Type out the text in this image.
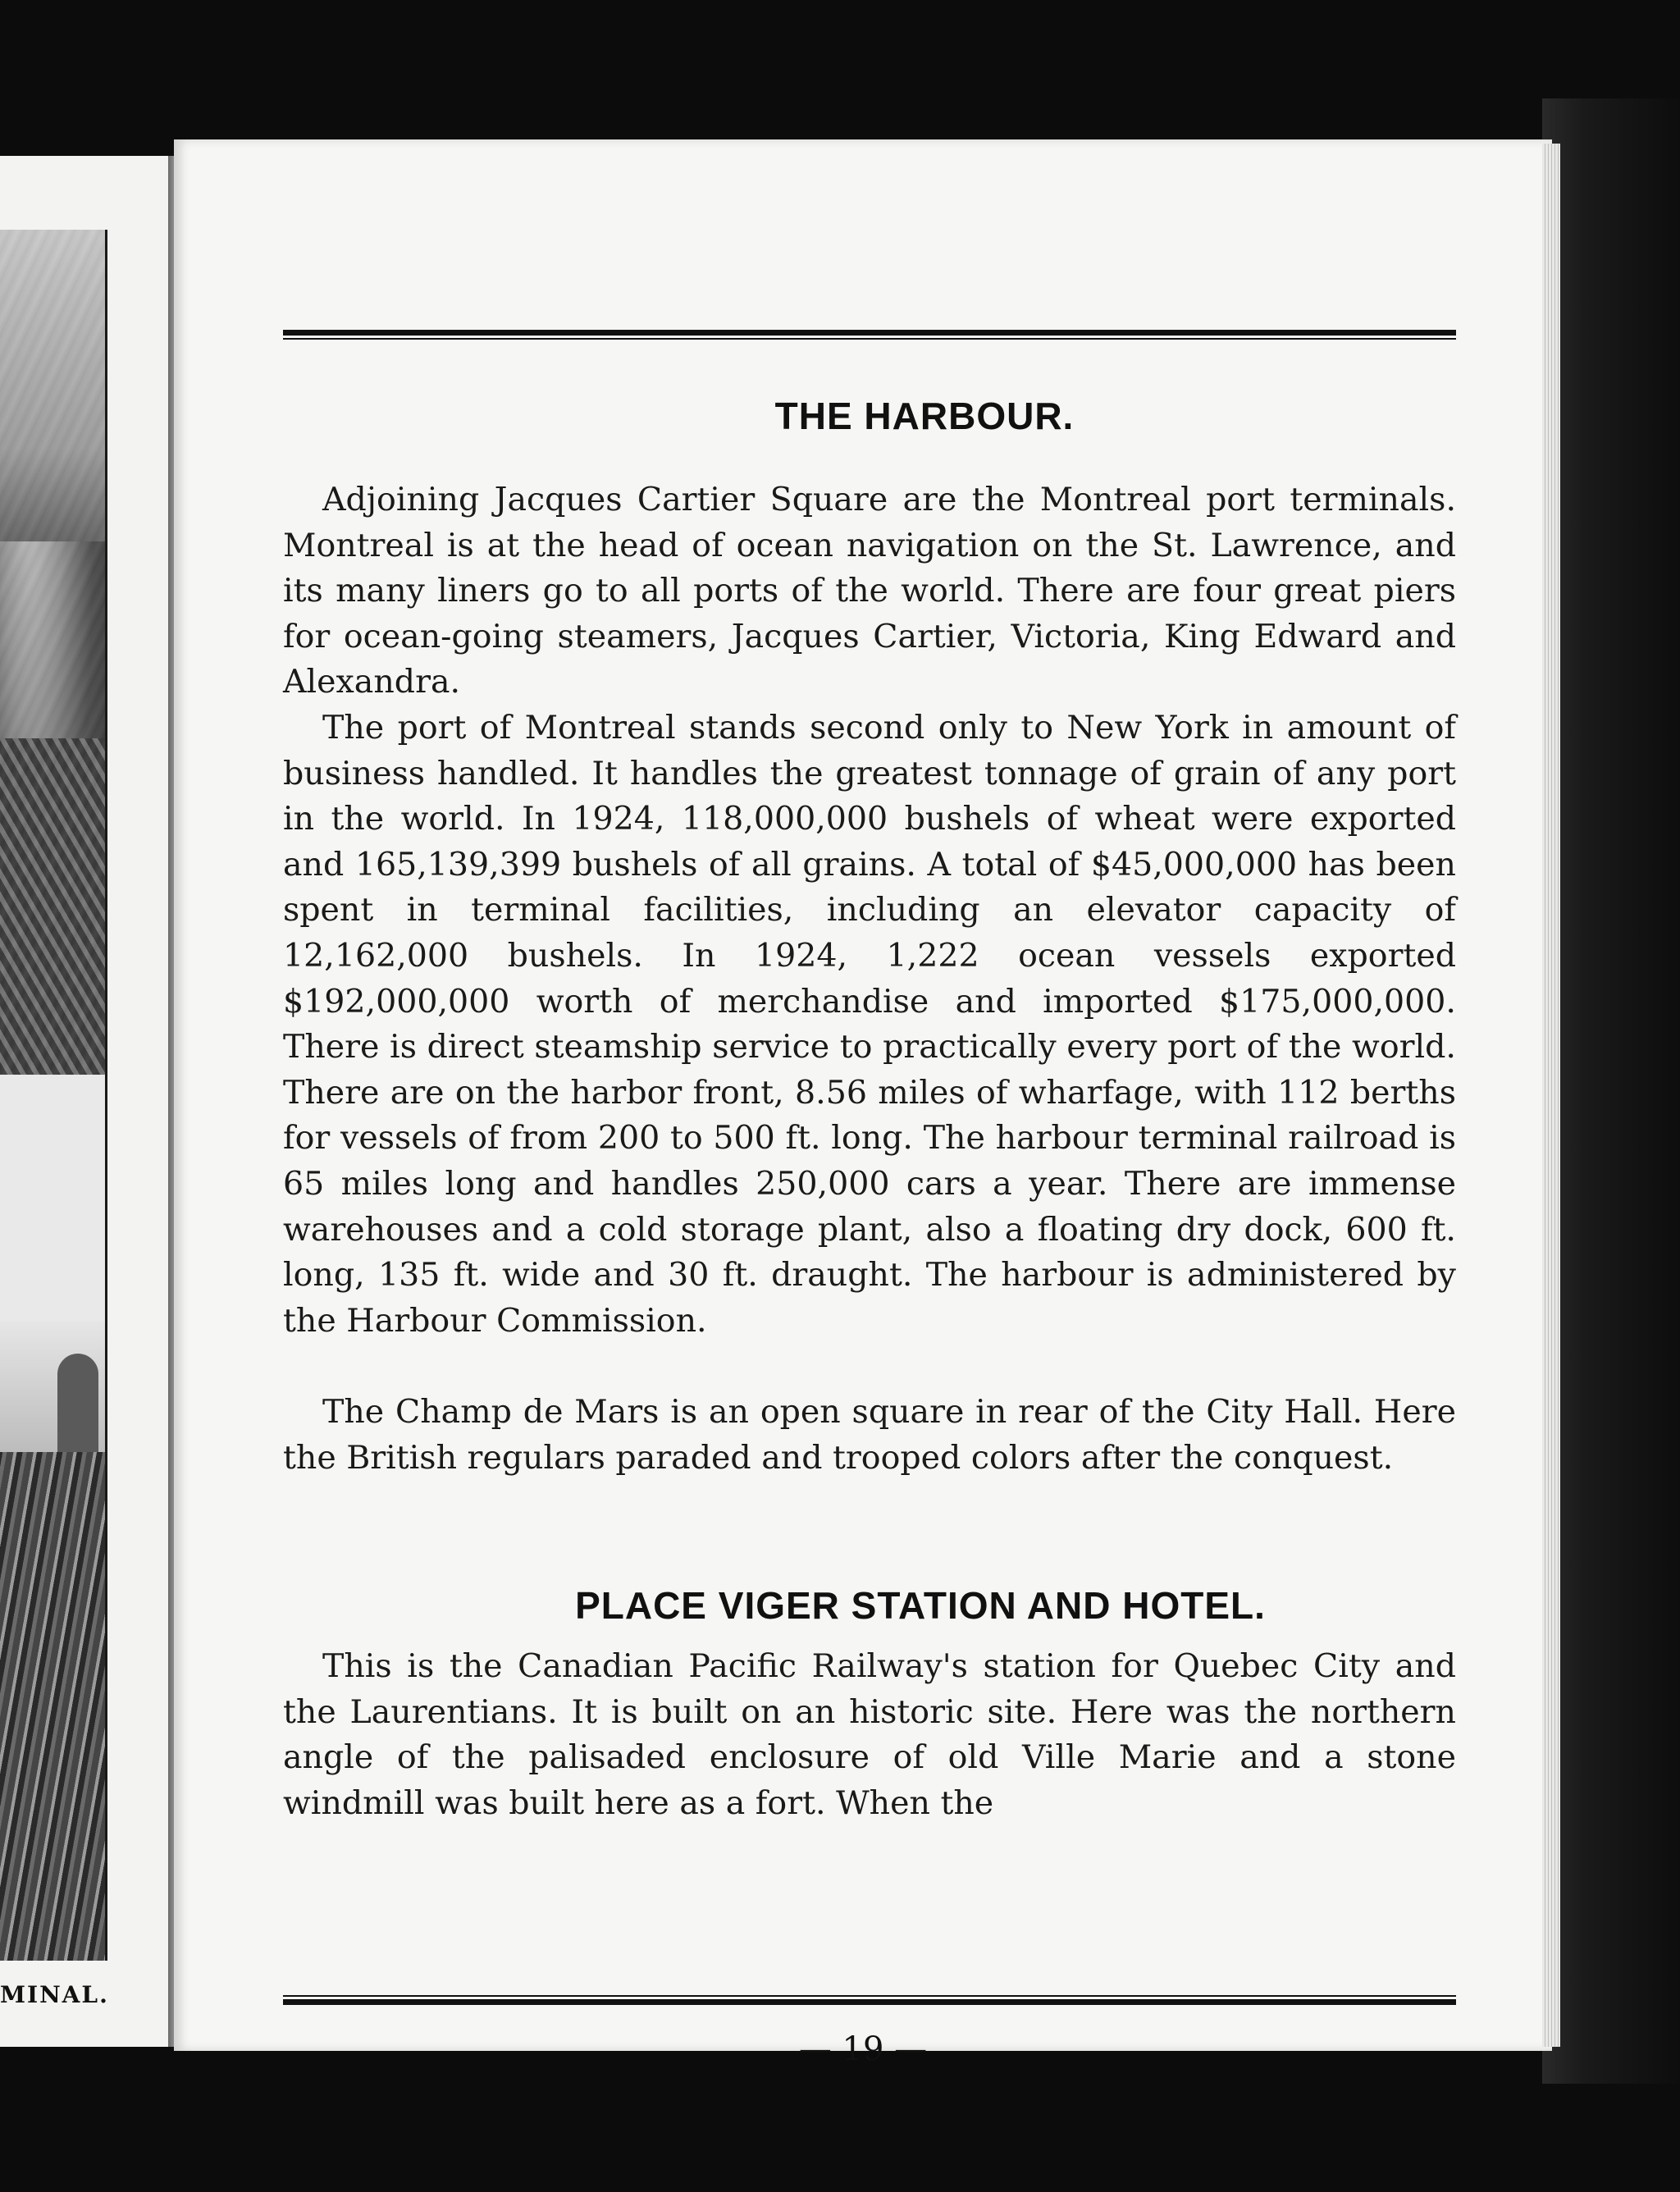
MINAL.
THE HARBOUR.

Adjoining Jacques Cartier Square are the Montreal port terminals. Montreal is at the head of ocean navigation on the St. Lawrence, and its many liners go to all ports of the world. There are four great piers for ocean-going steamers, Jacques Cartier, Victoria, King Edward and Alexandra.

The port of Montreal stands second only to New York in amount of business handled. It handles the greatest tonnage of grain of any port in the world. In 1924, 118,000,000 bushels of wheat were exported and 165,139,399 bushels of all grains. A total of $45,000,000 has been spent in terminal facilities, including an elevator capacity of 12,162,000 bushels. In 1924, 1,222 ocean vessels exported $192,000,000 worth of merchandise and imported $175,000,000. There is direct steamship service to practically every port of the world. There are on the harbor front, 8.56 miles of wharfage, with 112 berths for vessels of from 200 to 500 ft. long. The harbour terminal railroad is 65 miles long and handles 250,000 cars a year. There are immense warehouses and a cold storage plant, also a floating dry dock, 600 ft. long, 135 ft. wide and 30 ft. draught. The harbour is administered by the Harbour Commission.

The Champ de Mars is an open square in rear of the City Hall. Here the British regulars paraded and trooped colors after the conquest.

PLACE VIGER STATION AND HOTEL.

This is the Canadian Pacific Railway's station for Quebec City and the Laurentians. It is built on an historic site. Here was the northern angle of the palisaded enclosure of old Ville Marie and a stone windmill was built here as a fort. When the

— 19 —
